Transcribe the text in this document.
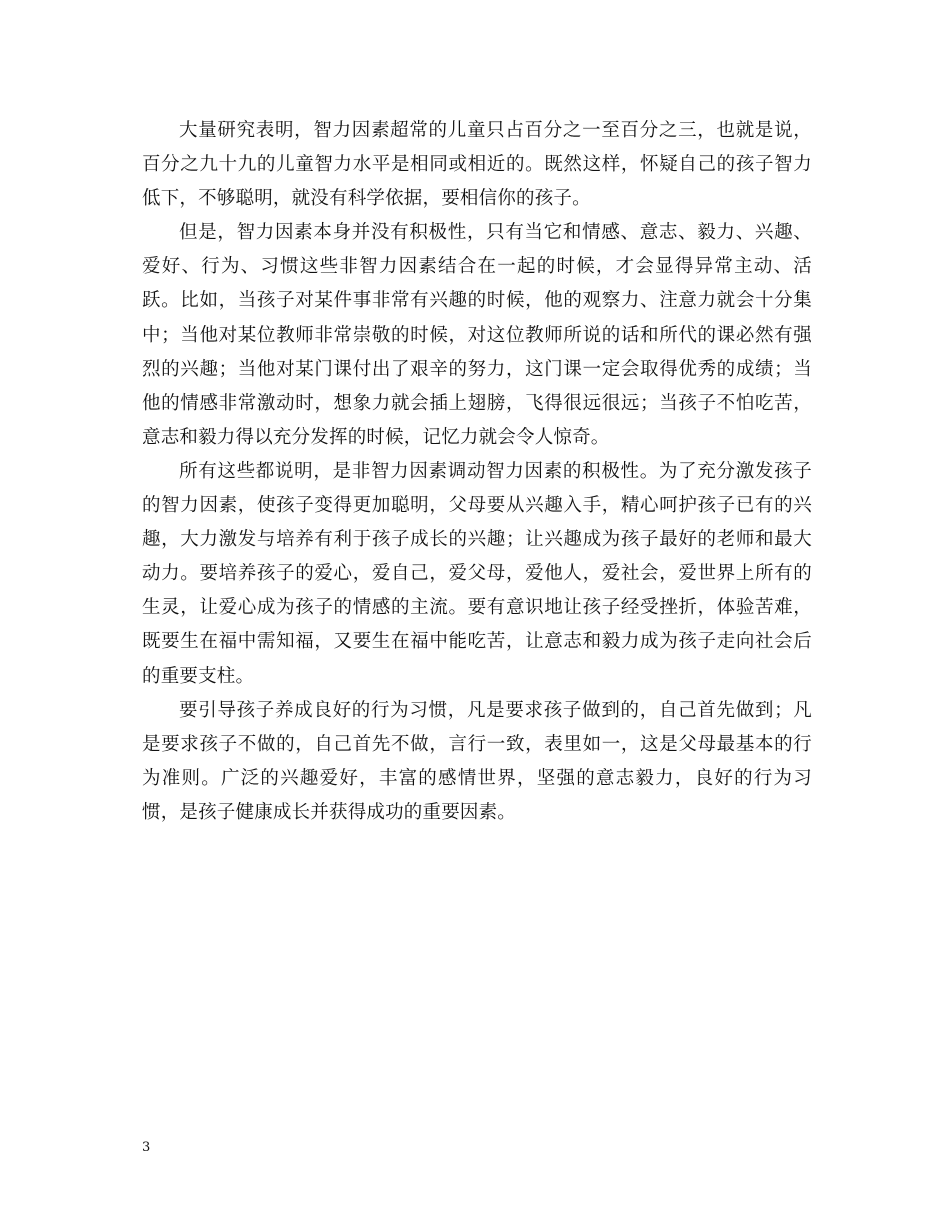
大量研究表明，智力因素超常的儿童只占百分之一至百分之三，也就是说，百分之九十九的儿童智力水平是相同或相近的。既然这样，怀疑自己的孩子智力低下，不够聪明，就没有科学依据，要相信你的孩子。

但是，智力因素本身并没有积极性，只有当它和情感、意志、毅力、兴趣、爱好、行为、习惯这些非智力因素结合在一起的时候，才会显得异常主动、活跃。比如，当孩子对某件事非常有兴趣的时候，他的观察力、注意力就会十分集中；当他对某位教师非常崇敬的时候，对这位教师所说的话和所代的课必然有强烈的兴趣；当他对某门课付出了艰辛的努力，这门课一定会取得优秀的成绩；当他的情感非常激动时，想象力就会插上翅膀，飞得很远很远；当孩子不怕吃苦，意志和毅力得以充分发挥的时候，记忆力就会令人惊奇。

所有这些都说明，是非智力因素调动智力因素的积极性。为了充分激发孩子的智力因素，使孩子变得更加聪明，父母要从兴趣入手，精心呵护孩子已有的兴趣，大力激发与培养有利于孩子成长的兴趣；让兴趣成为孩子最好的老师和最大动力。要培养孩子的爱心，爱自己，爱父母，爱他人，爱社会，爱世界上所有的生灵，让爱心成为孩子的情感的主流。要有意识地让孩子经受挫折，体验苦难，既要生在福中需知福，又要生在福中能吃苦，让意志和毅力成为孩子走向社会后的重要支柱。

要引导孩子养成良好的行为习惯，凡是要求孩子做到的，自己首先做到；凡是要求孩子不做的，自己首先不做，言行一致，表里如一，这是父母最基本的行为准则。广泛的兴趣爱好，丰富的感情世界，坚强的意志毅力，良好的行为习惯，是孩子健康成长并获得成功的重要因素。

3
